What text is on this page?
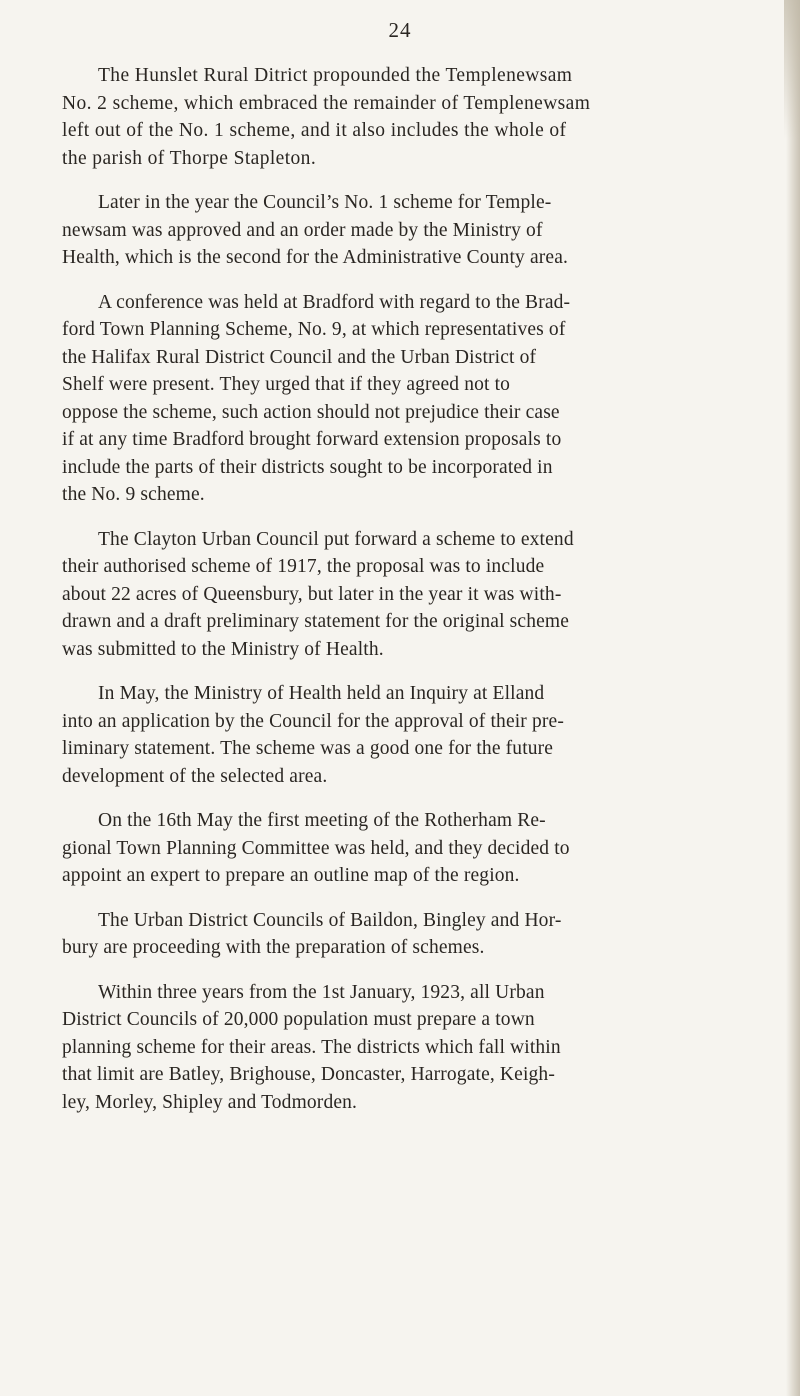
24

The Hunslet Rural Ditrict propounded the Templenewsam
No. 2 scheme, which embraced the remainder of Templenewsam
left out of the No. 1 scheme, and it also includes the whole of
the parish of Thorpe Stapleton.

Later in the year the Council’s No. 1 scheme for Temple-
newsam was approved and an order made by the Ministry of
Health, which is the second for the Administrative County area.

A conference was held at Bradford with regard to the Brad-
ford Town Planning Scheme, No. 9, at which representatives of
the Halifax Rural District Council and the Urban District of
Shelf were present. They urged that if they agreed not to
oppose the scheme, such action should not prejudice their case
if at any time Bradford brought forward extension proposals to
include the parts of their districts sought to be incorporated in
the No. 9 scheme.

The Clayton Urban Council put forward a scheme to extend
their authorised scheme of 1917, the proposal was to include
about 22 acres of Queensbury, but later in the year it was with-
drawn and a draft preliminary statement for the original scheme
was submitted to the Ministry of Health.

In May, the Ministry of Health held an Inquiry at Elland
into an application by the Council for the approval of their pre-
liminary statement. The scheme was a good one for the future
development of the selected area.

On the 16th May the first meeting of the Rotherham Re-
gional Town Planning Committee was held, and they decided to
appoint an expert to prepare an outline map of the region.

The Urban District Councils of Baildon, Bingley and Hor-
bury are proceeding with the preparation of schemes.

Within three years from the 1st January, 1923, all Urban
District Councils of 20,000 population must prepare a town
planning scheme for their areas. The districts which fall within
that limit are Batley, Brighouse, Doncaster, Harrogate, Keigh-
ley, Morley, Shipley and Todmorden.
